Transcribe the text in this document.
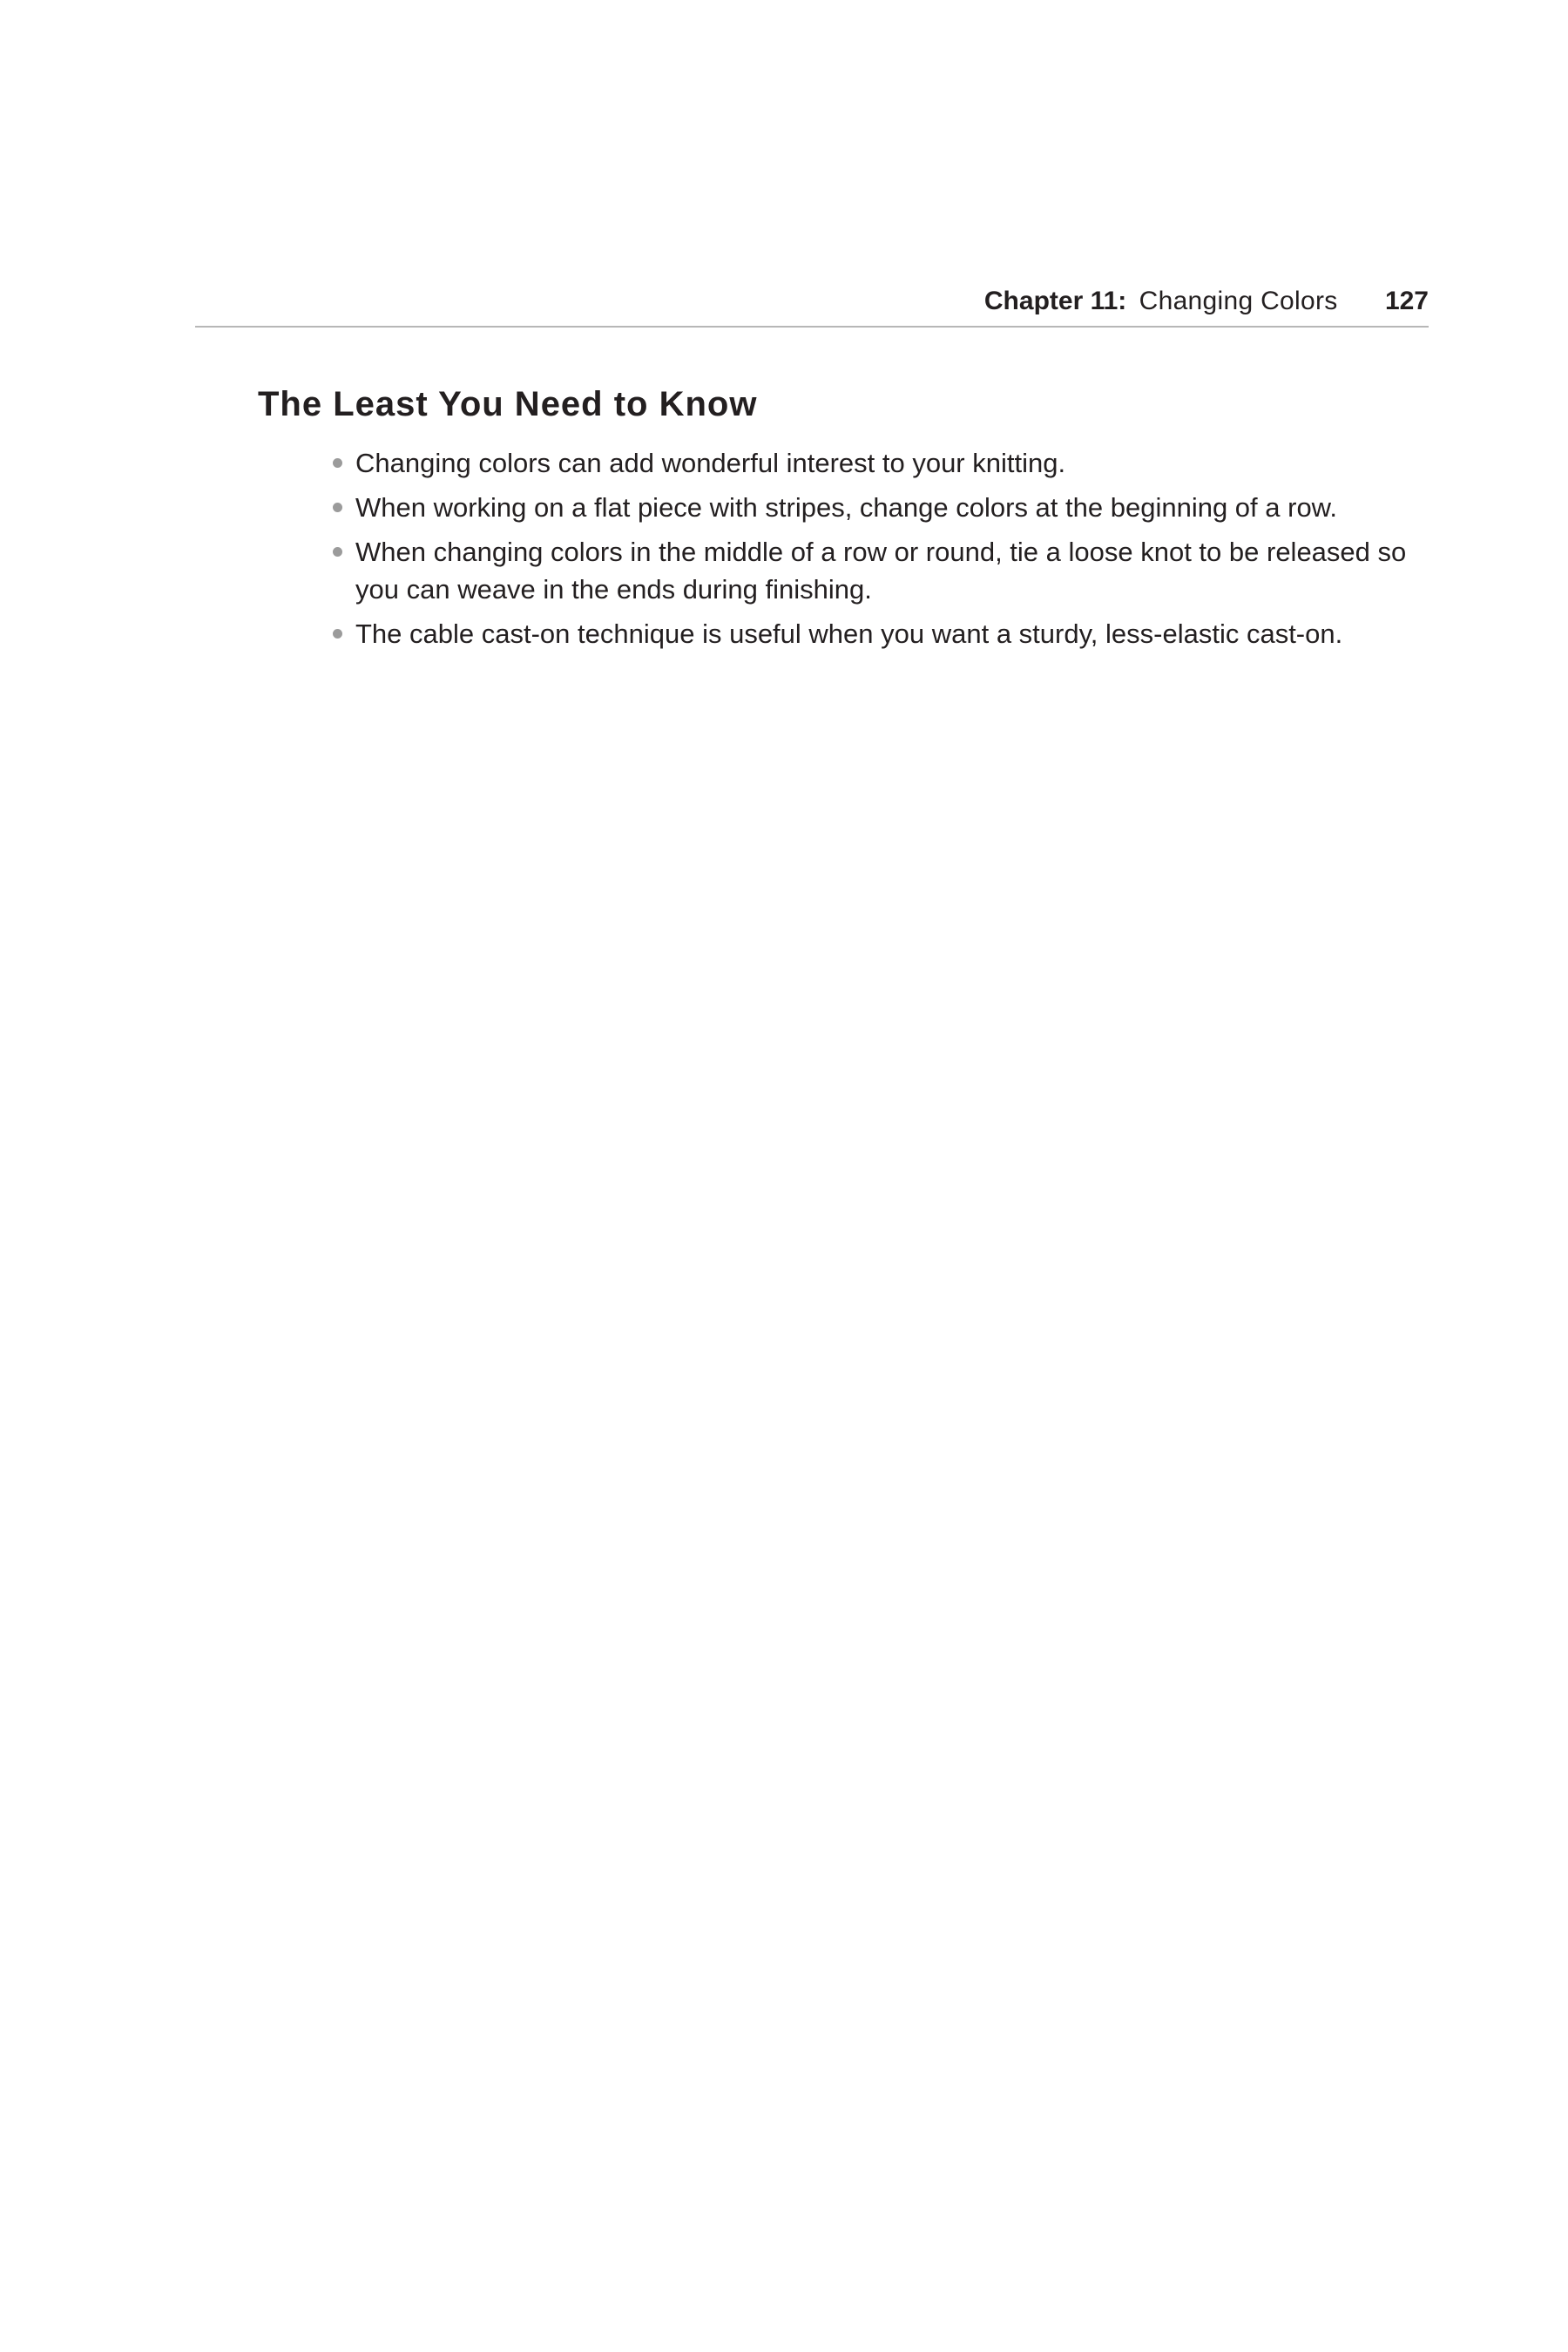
Chapter 11: Changing Colors 127
The Least You Need to Know
Changing colors can add wonderful interest to your knitting.
When working on a flat piece with stripes, change colors at the beginning of a row.
When changing colors in the middle of a row or round, tie a loose knot to be released so you can weave in the ends during finishing.
The cable cast-on technique is useful when you want a sturdy, less-elastic cast-on.
